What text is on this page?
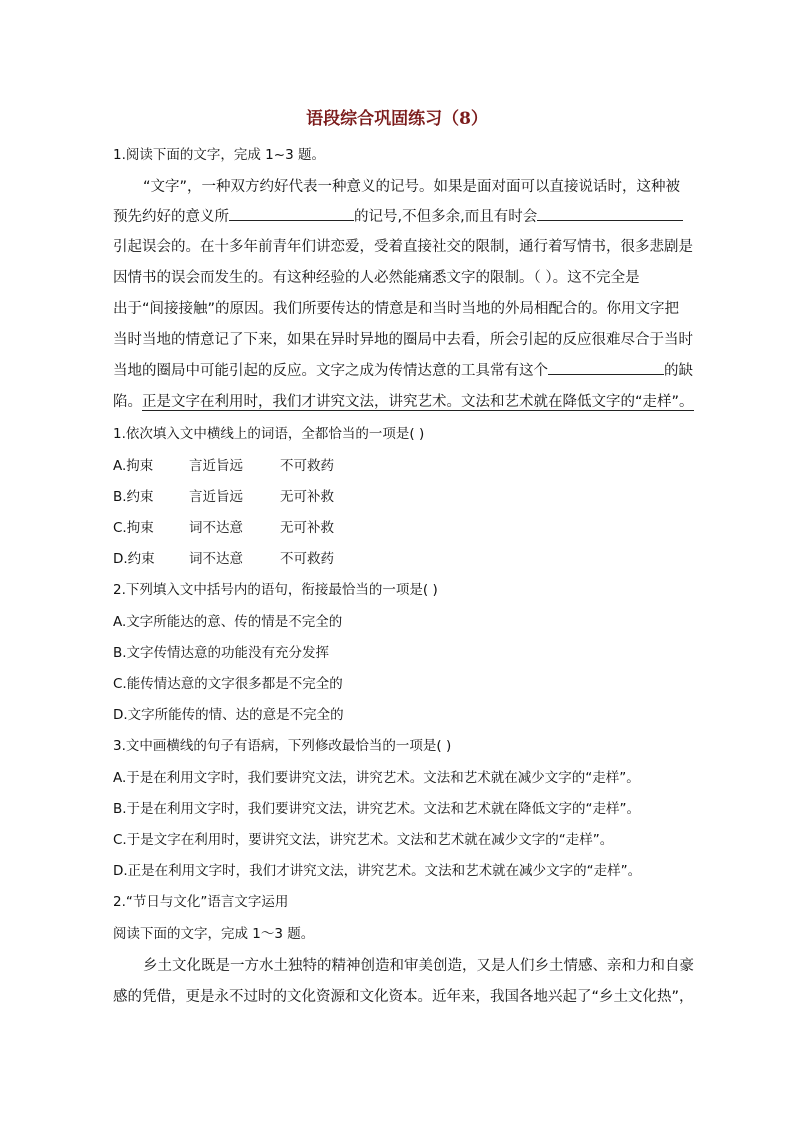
语段综合巩固练习（8）
1.阅读下面的文字，完成 1~3 题。
“文字”，一种双方约好代表一种意义的记号。如果是面对面可以直接说话时，这种被
预先约好的意义所	的记号,不但多余,而且有时会
引起误会的。在十多年前青年们讲恋爱，受着直接社交的限制，通行着写情书，很多悲剧是
因情书的误会而发生的。有这种经验的人必然能痛悉文字的限制。（ ）。这不完全是
出于“间接接触”的原因。我们所要传达的情意是和当时当地的外局相配合的。你用文字把
当时当地的情意记了下来，如果在异时异地的圈局中去看，所会引起的反应很难尽合于当时
当地的圈局中可能引起的反应。文字之成为传情达意的工具常有这个	的缺
陷。正是文字在利用时，我们才讲究文法，讲究艺术。文法和艺术就在降低文字的“走样”。
1.依次填入文中横线上的词语，全都恰当的一项是( )
A.拘束	言近旨远	不可救药
B.约束	言近旨远	无可补救
C.拘束	词不达意	无可补救
D.约束	词不达意	不可救药
2.下列填入文中括号内的语句，衔接最恰当的一项是( )
A.文字所能达的意、传的情是不完全的
B.文字传情达意的功能没有充分发挥
C.能传情达意的文字很多都是不完全的
D.文字所能传的情、达的意是不完全的
3.文中画横线的句子有语病，下列修改最恰当的一项是( )
A.于是在利用文字时，我们要讲究文法，讲究艺术。文法和艺术就在减少文字的“走样”。
B.于是在利用文字时，我们要讲究文法，讲究艺术。文法和艺术就在降低文字的“走样”。
C.于是文字在利用时，要讲究文法，讲究艺术。文法和艺术就在减少文字的“走样”。
D.正是在利用文字时，我们才讲究文法，讲究艺术。文法和艺术就在减少文字的“走样”。
2.“节日与文化”语言文字运用
阅读下面的文字，完成 1～3 题。
乡土文化既是一方水土独特的精神创造和审美创造，又是人们乡土情感、亲和力和自豪
感的凭借，更是永不过时的文化资源和文化资本。近年来，我国各地兴起了“乡土文化热”，
